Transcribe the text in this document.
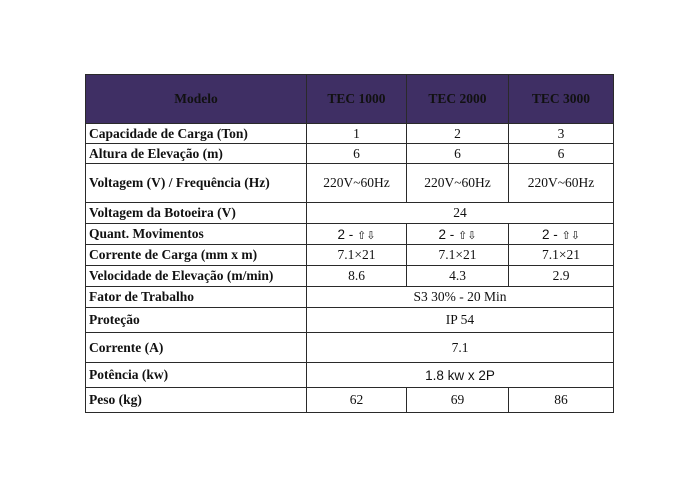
Modelo	TEC 1000	TEC 2000	TEC 3000
Capacidade de Carga (Ton)	1	2	3
Altura de Elevação (m)	6	6	6
Voltagem (V) / Frequência (Hz)	220V~60Hz	220V~60Hz	220V~60Hz
Voltagem da Botoeira (V)	24		
Quant. Movimentos	2 - ⇧⇩	2 - ⇧⇩	2 - ⇧⇩
Corrente de Carga (mm x m)	7.1×21	7.1×21	7.1×21
Velocidade de Elevação (m/min)	8.6	4.3	2.9
Fator de Trabalho	S3 30% - 20 Min		
Proteção	IP 54		
Corrente (A)	7.1		
Potência (kw)	1.8 kw x 2P		
Peso (kg)	62	69	86
